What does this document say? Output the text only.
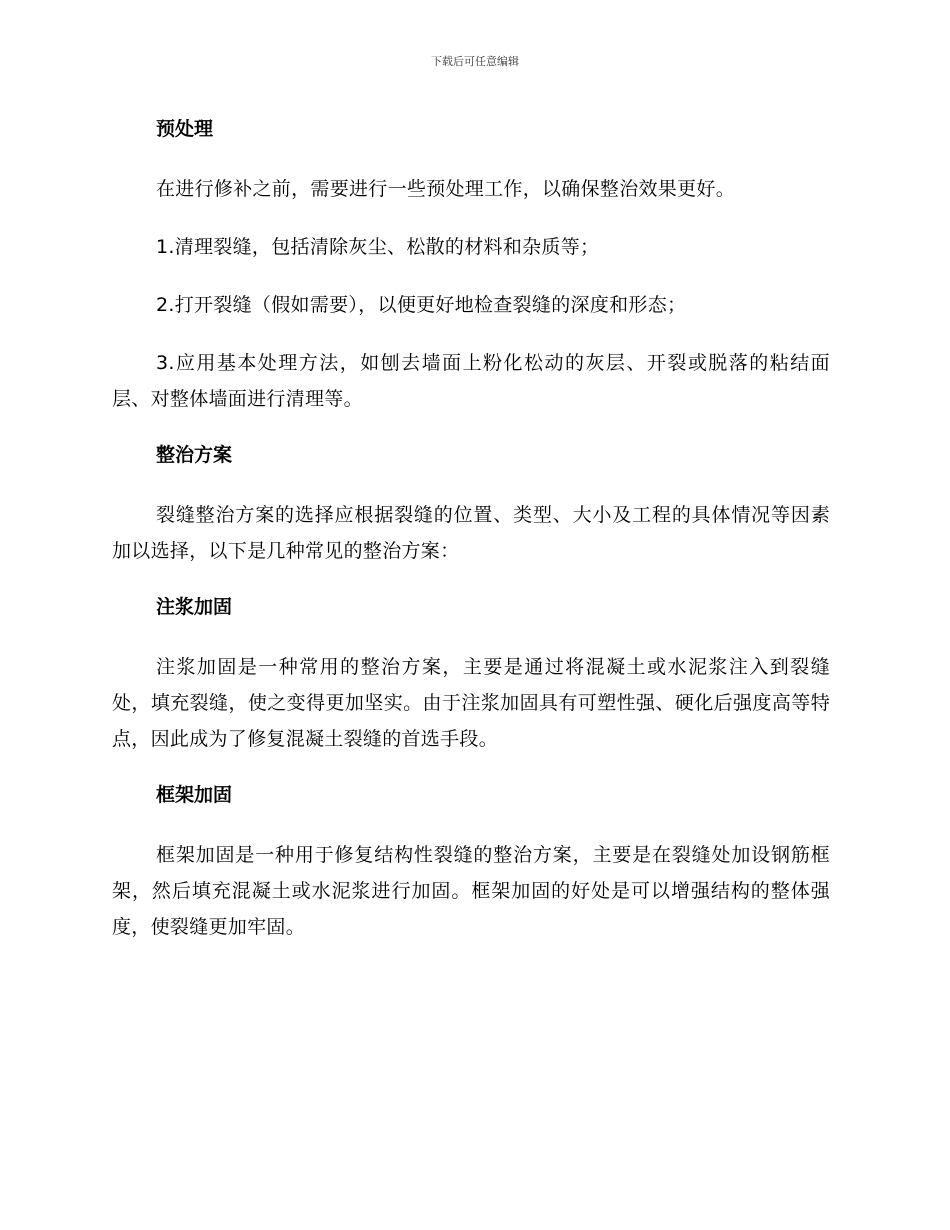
下载后可任意编辑
预处理

在进行修补之前，需要进行一些预处理工作，以确保整治效果更好。

1.清理裂缝，包括清除灰尘、松散的材料和杂质等；

2.打开裂缝（假如需要），以便更好地检查裂缝的深度和形态；

3.应用基本处理方法，如刨去墙面上粉化松动的灰层、开裂或脱落的粘结面层、对整体墙面进行清理等。

整治方案

裂缝整治方案的选择应根据裂缝的位置、类型、大小及工程的具体情况等因素加以选择，以下是几种常见的整治方案：

注浆加固

注浆加固是一种常用的整治方案，主要是通过将混凝土或水泥浆注入到裂缝处，填充裂缝，使之变得更加坚实。由于注浆加固具有可塑性强、硬化后强度高等特点，因此成为了修复混凝土裂缝的首选手段。

框架加固

框架加固是一种用于修复结构性裂缝的整治方案，主要是在裂缝处加设钢筋框架，然后填充混凝土或水泥浆进行加固。框架加固的好处是可以增强结构的整体强度，使裂缝更加牢固。
